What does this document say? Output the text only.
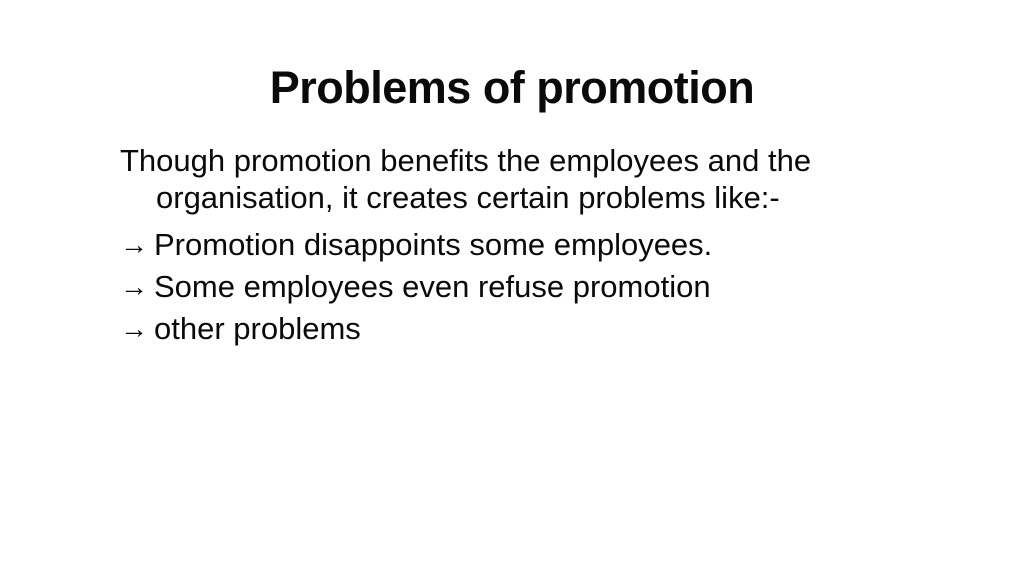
Problems of promotion

Though promotion benefits the employees and the organisation, it creates certain problems like:-

→ Promotion disappoints some employees.
→ Some employees even refuse promotion
→ other problems
